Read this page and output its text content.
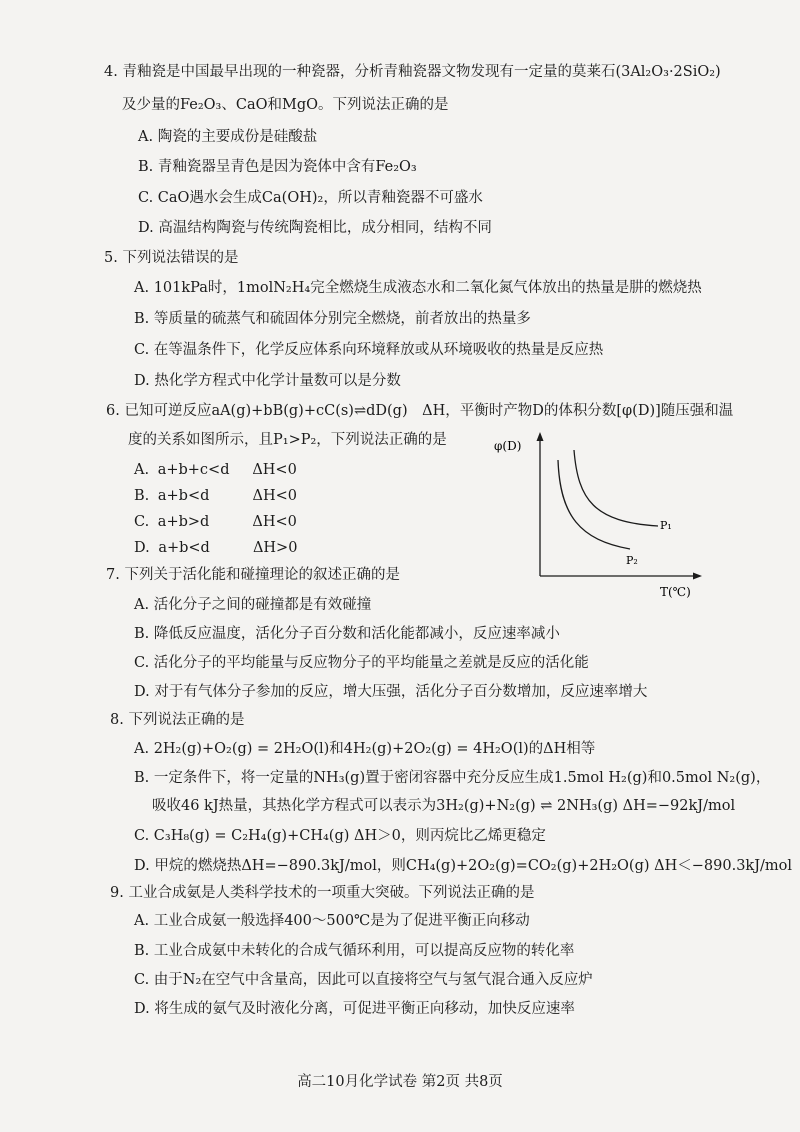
4. 青釉瓷是中国最早出现的一种瓷器，分析青釉瓷器文物发现有一定量的莫莱石(3Al₂O₃·2SiO₂)
及少量的Fe₂O₃、CaO和MgO。下列说法正确的是
A. 陶瓷的主要成份是硅酸盐
B. 青釉瓷器呈青色是因为瓷体中含有Fe₂O₃
C. CaO遇水会生成Ca(OH)₂，所以青釉瓷器不可盛水
D. 高温结构陶瓷与传统陶瓷相比，成分相同，结构不同
5. 下列说法错误的是
A. 101kPa时，1molN₂H₄完全燃烧生成液态水和二氧化氮气体放出的热量是肼的燃烧热
B. 等质量的硫蒸气和硫固体分别完全燃烧，前者放出的热量多
C. 在等温条件下，化学反应体系向环境释放或从环境吸收的热量是反应热
D. 热化学方程式中化学计量数可以是分数
6. 已知可逆反应aA(g)+bB(g)+cC(s)⇌dD(g)　ΔH，平衡时产物D的体积分数[φ(D)]随压强和温
度的关系如图所示，且P₁>P₂，下列说法正确的是
A. a+b+c<d ΔH<0
B. a+b<d	ΔH<0
C. a+b>d	ΔH<0
D. a+b<d	ΔH>0
φ(D)
T(℃)
P₁
P₂
7. 下列关于活化能和碰撞理论的叙述正确的是
A. 活化分子之间的碰撞都是有效碰撞
B. 降低反应温度，活化分子百分数和活化能都减小，反应速率减小
C. 活化分子的平均能量与反应物分子的平均能量之差就是反应的活化能
D. 对于有气体分子参加的反应，增大压强，活化分子百分数增加，反应速率增大
8. 下列说法正确的是
A. 2H₂(g)+O₂(g) = 2H₂O(l)和4H₂(g)+2O₂(g) = 4H₂O(l)的ΔH相等
B. 一定条件下，将一定量的NH₃(g)置于密闭容器中充分反应生成1.5mol H₂(g)和0.5mol N₂(g)，
吸收46 kJ热量，其热化学方程式可以表示为3H₂(g)+N₂(g) ⇌ 2NH₃(g) ΔH=−92kJ/mol
C. C₃H₈(g) = C₂H₄(g)+CH₄(g) ΔH＞0，则丙烷比乙烯更稳定
D. 甲烷的燃烧热ΔH=−890.3kJ/mol，则CH₄(g)+2O₂(g)=CO₂(g)+2H₂O(g) ΔH＜−890.3kJ/mol
9. 工业合成氨是人类科学技术的一项重大突破。下列说法正确的是
A. 工业合成氨一般选择400～500℃是为了促进平衡正向移动
B. 工业合成氨中未转化的合成气循环利用，可以提高反应物的转化率
C. 由于N₂在空气中含量高，因此可以直接将空气与氢气混合通入反应炉
D. 将生成的氨气及时液化分离，可促进平衡正向移动，加快反应速率
高二10月化学试卷 第2页 共8页
